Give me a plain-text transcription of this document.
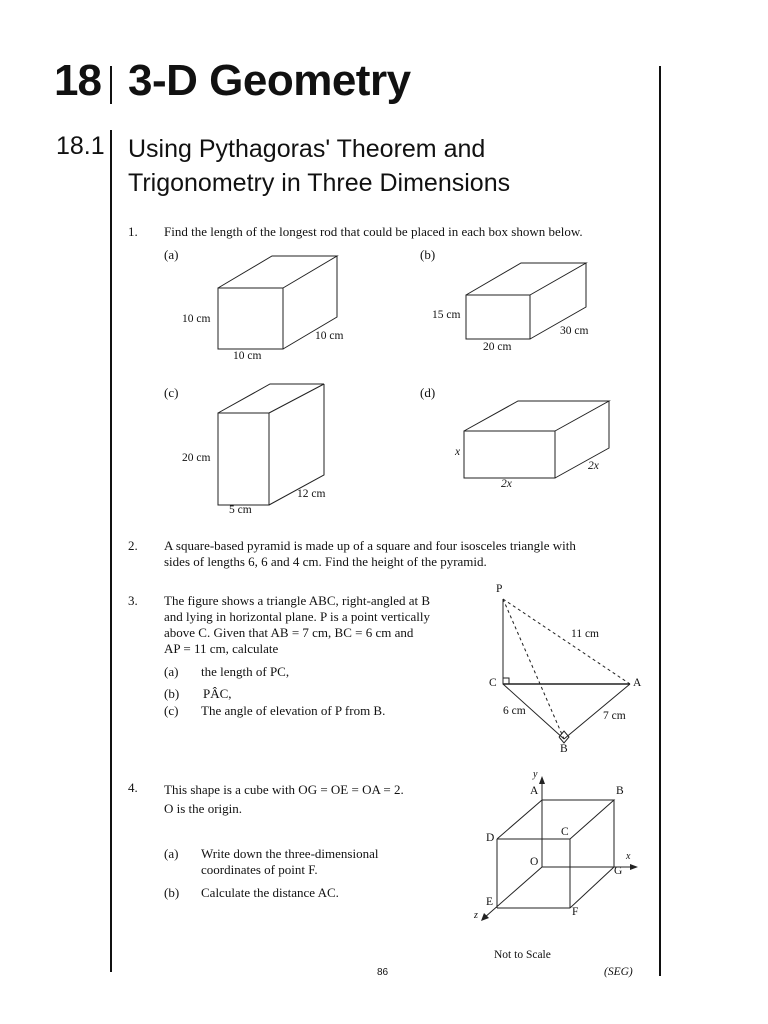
18 3-D Geometry
18.1 Using Pythagoras' Theorem and
Trigonometry in Three Dimensions
1. Find the length of the longest rod that could be placed in each box shown below.
(a)
10 cm
10 cm
10 cm
(b)
15 cm
30 cm
20 cm
(c)
20 cm
12 cm
5 cm
(d)
x
2x
2x
2. A square-based pyramid is made up of a square and four isosceles triangle with
sides of lengths 6, 6 and 4 cm. Find the height of the pyramid.
3. The figure shows a triangle ABC, right-angled at B
and lying in horizontal plane. P is a point vertically
above C. Given that AB = 7 cm, BC = 6 cm and
AP = 11 cm, calculate
(a) the length of PC,
(b) PÂC,
(c) The angle of elevation of P from B.
P
C	A
B
11 cm
6 cm	7 cm
4. This shape is a cube with OG = OE = OA = 2.
O is the origin.
(a) Write down the three-dimensional
coordinates of point F.
(b) Calculate the distance AC.
A	B
C
D
E
F
G
O	x
y
z
Not to Scale
86	(SEG)
